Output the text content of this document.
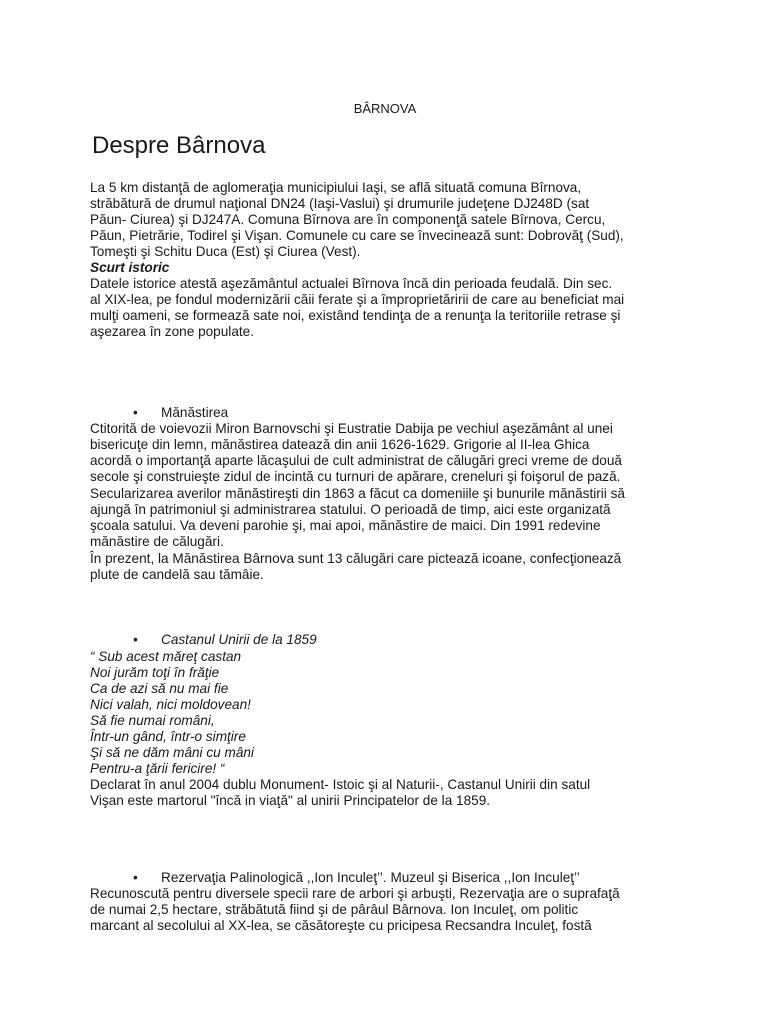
BÂRNOVA
Despre Bârnova
La 5 km distanţă de aglomeraţia municipiului Iaşi, se află situată comuna Bîrnova,
străbătură de drumul naţional DN24 (Iaşi-Vaslui) şi drumurile judeţene DJ248D (sat
Păun- Ciurea) şi DJ247A. Comuna Bîrnova are în componenţă satele Bîrnova, Cercu,
Păun, Pietrărie, Todirel şi Vişan. Comunele cu care se învecinează sunt: Dobrovăţ (Sud),
Tomeşti şi Schitu Duca (Est) şi Ciurea (Vest).
Scurt istoric
Datele istorice atestă aşezământul actualei Bîrnova încă din perioada feudală. Din sec.
al XIX-lea, pe fondul modernizării căii ferate şi a împroprietăririi de care au beneficiat mai
mulţi oameni, se formează sate noi, existând tendinţa de a renunţa la teritoriile retrase şi
aşezarea în zone populate.
• Mănăstirea
Ctitorită de voievozii Miron Barnovschi şi Eustratie Dabija pe vechiul aşezământ al unei
bisericuţe din lemn, mănăstirea datează din anii 1626-1629. Grigorie al II-lea Ghica
acordă o importanţă aparte lăcaşului de cult administrat de călugări greci vreme de două
secole şi construieşte zidul de incintă cu turnuri de apărare, creneluri şi foişorul de pază.
Secularizarea averilor mănăstireşti din 1863 a făcut ca domeniile şi bunurile mănăstirii să
ajungă în patrimoniul şi administrarea statului. O perioadă de timp, aici este organizată
şcoala satului. Va deveni parohie şi, mai apoi, mănăstire de maici. Din 1991 redevine
mănăstire de călugări.
În prezent, la Mănăstirea Bârnova sunt 13 călugări care pictează icoane, confecţionează
plute de candelă sau tămâie.
• Castanul Unirii de la 1859
“ Sub acest măreţ castan
Noi jurăm toţi în frăţie
Ca de azi să nu mai fie
Nici valah, nici moldovean!
Să fie numai români,
Într-un gând, într-o simţire
Şi să ne dăm mâni cu mâni
Pentru-a ţării fericire! “
Declarat în anul 2004 dublu Monument- Istoic şi al Naturii-, Castanul Unirii din satul
Vişan este martorul "încă in viaţă" al unirii Principatelor de la 1859.
• Rezervaţia Palinologică ,,Ion Inculeţ’’. Muzeul şi Biserica ,,Ion Inculeţ’’
Recunoscută pentru diversele specii rare de arbori şi arbuşti, Rezervaţia are o suprafaţă
de numai 2,5 hectare, străbătută fiind şi de pârâul Bârnova. Ion Inculeţ, om politic
marcant al secolului al XX-lea, se căsătoreşte cu pricipesa Recsandra Inculeţ, fostă
